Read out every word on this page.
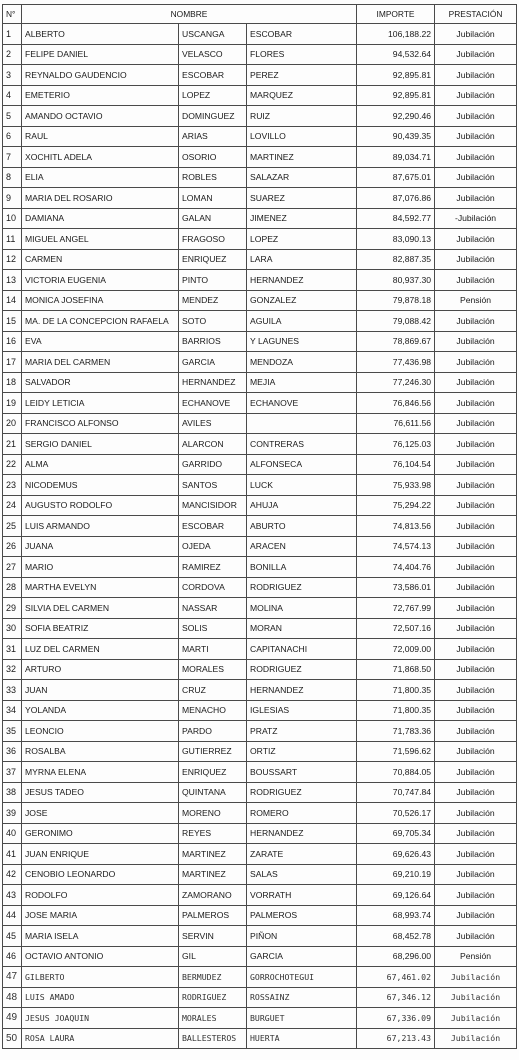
N°	NOMBRE			IMPORTE	PRESTACIÓN
1	ALBERTO	USCANGA	ESCOBAR	106,188.22	Jubilación
2	FELIPE DANIEL	VELASCO	FLORES	94,532.64	Jubilación
3	REYNALDO GAUDENCIO	ESCOBAR	PEREZ	92,895.81	Jubilación
4	EMETERIO	LOPEZ	MARQUEZ	92,895.81	Jubilación
5	AMANDO OCTAVIO	DOMINGUEZ	RUIZ	92,290.46	Jubilación
6	RAUL	ARIAS	LOVILLO	90,439.35	Jubilación
7	XOCHITL ADELA	OSORIO	MARTINEZ	89,034.71	Jubilación
8	ELIA	ROBLES	SALAZAR	87,675.01	Jubilación
9	MARIA DEL ROSARIO	LOMAN	SUAREZ	87,076.86	Jubilación
10	DAMIANA	GALAN	JIMENEZ	84,592.77	-Jubilación
11	MIGUEL ANGEL	FRAGOSO	LOPEZ	83,090.13	Jubilación
12	CARMEN	ENRIQUEZ	LARA	82,887.35	Jubilación
13	VICTORIA EUGENIA	PINTO	HERNANDEZ	80,937.30	Jubilación
14	MONICA JOSEFINA	MENDEZ	GONZALEZ	79,878.18	Pensión
15	MA. DE LA CONCEPCION RAFAELA	SOTO	AGUILA	79,088.42	Jubilación
16	EVA	BARRIOS	Y LAGUNES	78,869.67	Jubilación
17	MARIA DEL CARMEN	GARCIA	MENDOZA	77,436.98	Jubilación
18	SALVADOR	HERNANDEZ	MEJIA	77,246.30	Jubilación
19	LEIDY LETICIA	ECHANOVE	ECHANOVE	76,846.56	Jubilación
20	FRANCISCO ALFONSO	AVILES		76,611.56	Jubilación
21	SERGIO DANIEL	ALARCON	CONTRERAS	76,125.03	Jubilación
22	ALMA	GARRIDO	ALFONSECA	76,104.54	Jubilación
23	NICODEMUS	SANTOS	LUCK	75,933.98	Jubilación
24	AUGUSTO RODOLFO	MANCISIDOR	AHUJA	75,294.22	Jubilación
25	LUIS ARMANDO	ESCOBAR	ABURTO	74,813.56	Jubilación
26	JUANA	OJEDA	ARACEN	74,574.13	Jubilación
27	MARIO	RAMIREZ	BONILLA	74,404.76	Jubilación
28	MARTHA EVELYN	CORDOVA	RODRIGUEZ	73,586.01	Jubilación
29	SILVIA DEL CARMEN	NASSAR	MOLINA	72,767.99	Jubilación
30	SOFIA BEATRIZ	SOLIS	MORAN	72,507.16	Jubilación
31	LUZ DEL CARMEN	MARTI	CAPITANACHI	72,009.00	Jubilación
32	ARTURO	MORALES	RODRIGUEZ	71,868.50	Jubilación
33	JUAN	CRUZ	HERNANDEZ	71,800.35	Jubilación
34	YOLANDA	MENACHO	IGLESIAS	71,800.35	Jubilación
35	LEONCIO	PARDO	PRATZ	71,783.36	Jubilación
36	ROSALBA	GUTIERREZ	ORTIZ	71,596.62	Jubilación
37	MYRNA ELENA	ENRIQUEZ	BOUSSART	70,884.05	Jubilación
38	JESUS TADEO	QUINTANA	RODRIGUEZ	70,747.84	Jubilación
39	JOSE	MORENO	ROMERO	70,526.17	Jubilación
40	GERONIMO	REYES	HERNANDEZ	69,705.34	Jubilación
41	JUAN ENRIQUE	MARTINEZ	ZARATE	69,626.43	Jubilación
42	CENOBIO LEONARDO	MARTINEZ	SALAS	69,210.19	Jubilación
43	RODOLFO	ZAMORANO	VORRATH	69,126.64	Jubilación
44	JOSE MARIA	PALMEROS	PALMEROS	68,993.74	Jubilación
45	MARIA ISELA	SERVIN	PIÑON	68,452.78	Jubilación
46	OCTAVIO ANTONIO	GIL	GARCIA	68,296.00	Pensión
47	GILBERTO	BERMUDEZ	GORROCHOTEGUI	67,461.02	Jubilación
48	LUIS AMADO	RODRIGUEZ	ROSSAINZ	67,346.12	Jubilación
49	JESUS JOAQUIN	MORALES	BURGUET	67,336.09	Jubilación
50	ROSA LAURA	BALLESTEROS	HUERTA	67,213.43	Jubilación
